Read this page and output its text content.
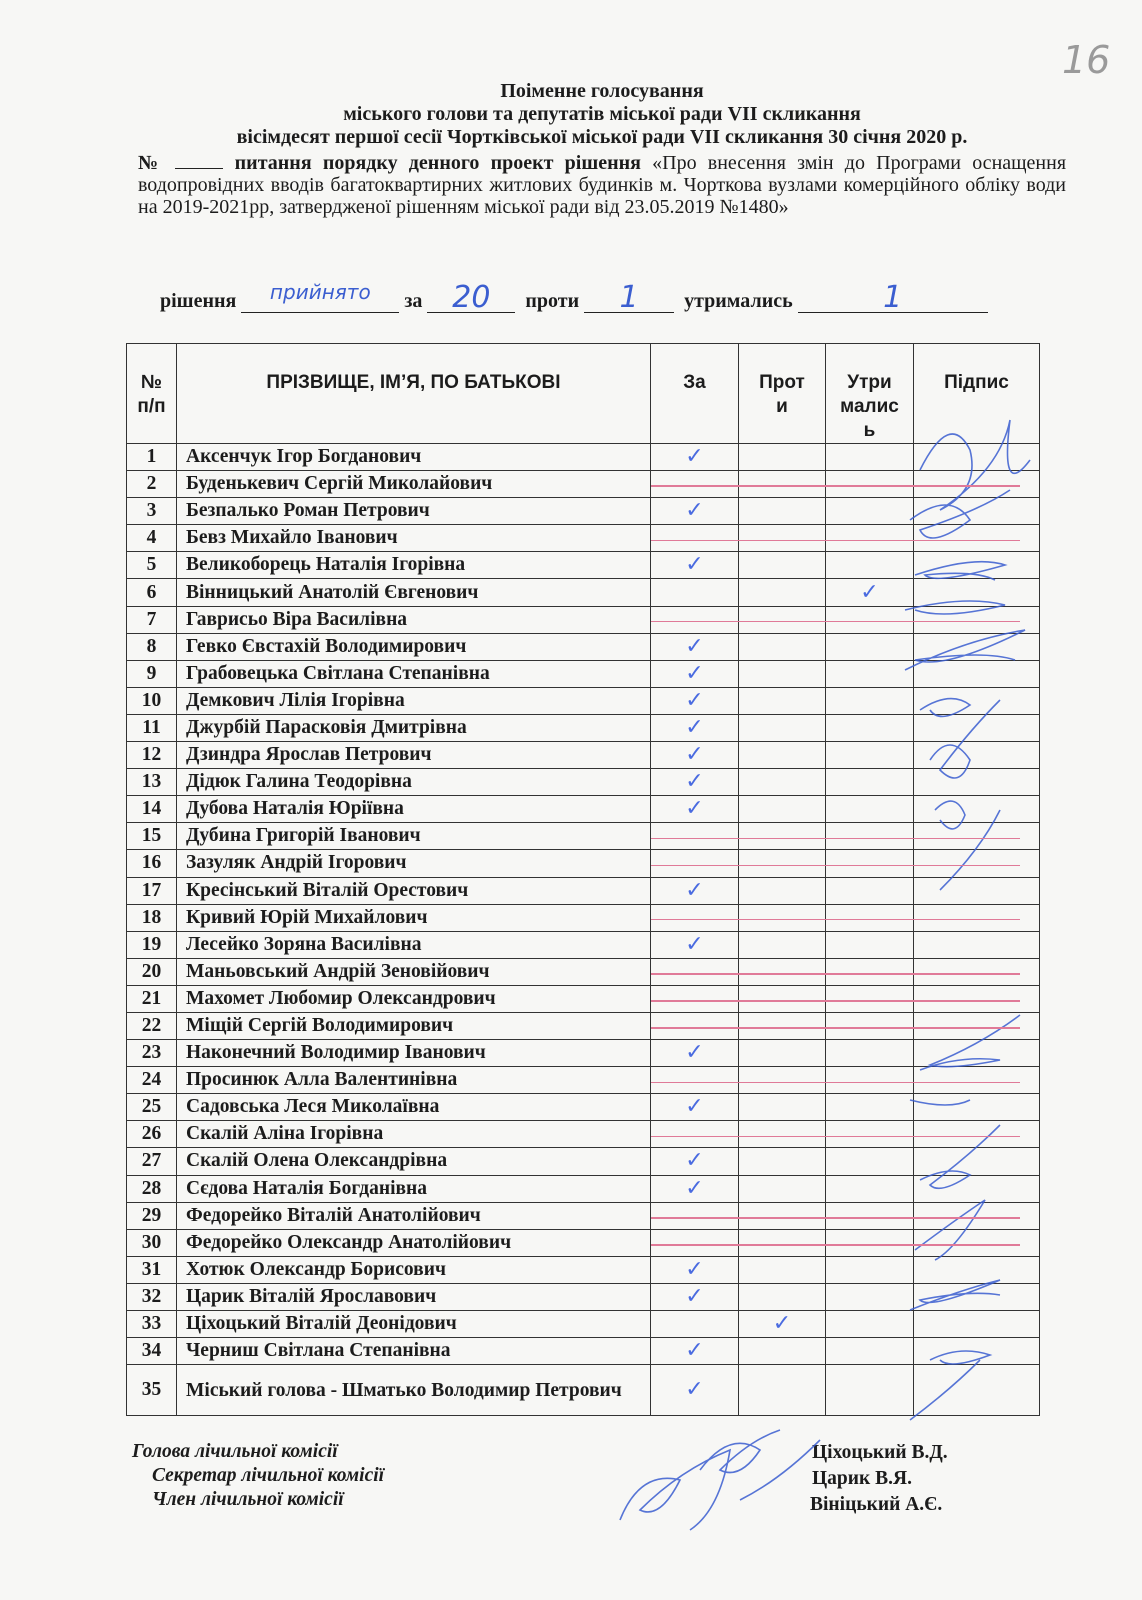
16
Поіменне голосування
міського голови та депутатів міської ради VII скликання
вісімдесят першої сесії Чортківської міської ради VII скликання 30 січня 2020 р.
№	питання порядку денного проект рішення «Про внесення змін до Програми оснащення водопровідних вводів багатоквартирних житлових будинків м. Чорткова вузлами комерційного обліку води на 2019-2021рр, затвердженої рішенням міської ради від 23.05.2019 №1480»
рішення прийнято за 20 проти 1 утримались	1
№ п/п	ПРІЗВИЩЕ, ІМ’Я, ПО БАТЬКОВІ	За	Прот и	Утри малис ь	Підпис
1	Аксенчук Ігор Богданович	✓			
2	Буденькевич Сергій Миколайович				
3	Безпалько Роман Петрович	✓			
4	Бевз Михайло Іванович				
5	Великоборець Наталія Ігорівна	✓			
6	Вінницький Анатолій Євгенович			✓	
7	Гаврисьо Віра Василівна				
8	Гевко Євстахій Володимирович	✓			
9	Грабовецька Світлана Степанівна	✓			
10	Демкович Лілія Ігорівна	✓			
11	Джурбій Парасковія Дмитрівна	✓			
12	Дзиндра Ярослав Петрович	✓			
13	Дідюк Галина Теодорівна	✓			
14	Дубова Наталія Юріївна	✓			
15	Дубина Григорій Іванович				
16	Зазуляк Андрій Ігорович				
17	Кресінський Віталій Орестович	✓			
18	Кривий Юрій Михайлович				
19	Лесейко Зоряна Василівна	✓			
20	Маньовський Андрій Зеновійович				
21	Махомет Любомир Олександрович				
22	Міщій Сергій Володимирович				
23	Наконечний Володимир Іванович	✓			
24	Просинюк Алла Валентинівна				
25	Садовська Леся Миколаївна	✓			
26	Скалій Аліна Ігорівна				
27	Скалій Олена Олександрівна	✓			
28	Сєдова Наталія Богданівна	✓			
29	Федорейко Віталій Анатолійович				
30	Федорейко Олександр Анатолійович				
31	Хотюк Олександр Борисович	✓			
32	Царик Віталій Ярославович	✓			
33	Ціхоцький Віталій Деонідович		✓		
34	Черниш Світлана Степанівна	✓			
35	Міський голова - Шматько Володимир Петрович	✓			
Голова лічильної комісії
Секретар лічильної комісії
Член лічильної комісії
Ціхоцький В.Д.
Царик В.Я.
Вініцький А.Є.
